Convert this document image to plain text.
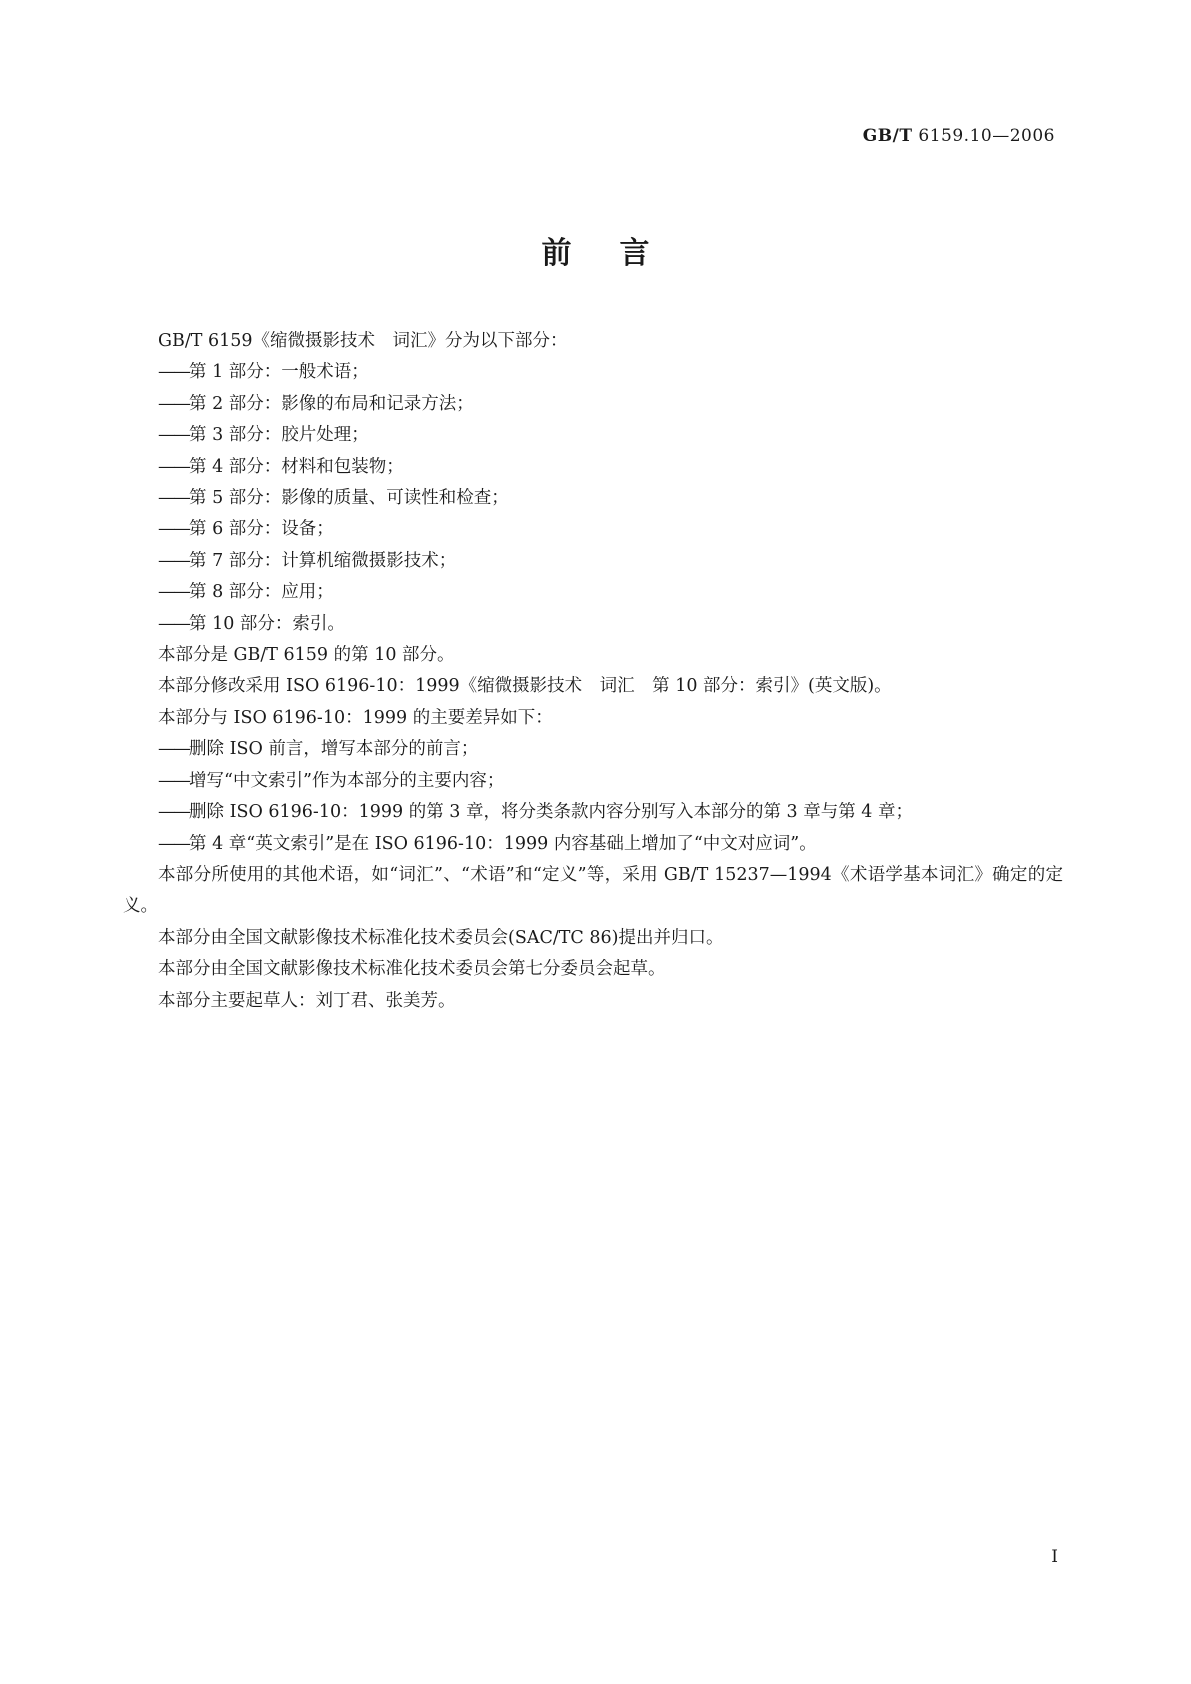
GB/T 6159.10—2006
前言

GB/T 6159《缩微摄影技术　词汇》分为以下部分：

——第 1 部分：一般术语；

——第 2 部分：影像的布局和记录方法；

——第 3 部分：胶片处理；

——第 4 部分：材料和包装物；

——第 5 部分：影像的质量、可读性和检查；

——第 6 部分：设备；

——第 7 部分：计算机缩微摄影技术；

——第 8 部分：应用；

——第 10 部分：索引。

本部分是 GB/T 6159 的第 10 部分。

本部分修改采用 ISO 6196-10：1999《缩微摄影技术　词汇　第 10 部分：索引》(英文版)。

本部分与 ISO 6196-10：1999 的主要差异如下：

——删除 ISO 前言，增写本部分的前言；

——增写“中文索引”作为本部分的主要内容；

——删除 ISO 6196-10：1999 的第 3 章，将分类条款内容分别写入本部分的第 3 章与第 4 章；

——第 4 章“英文索引”是在 ISO 6196-10：1999 内容基础上增加了“中文对应词”。

本部分所使用的其他术语，如“词汇”、“术语”和“定义”等，采用 GB/T 15237—1994《术语学基本词汇》确定的定义。

本部分由全国文献影像技术标准化技术委员会(SAC/TC 86)提出并归口。

本部分由全国文献影像技术标准化技术委员会第七分委员会起草。

本部分主要起草人：刘丁君、张美芳。

I
